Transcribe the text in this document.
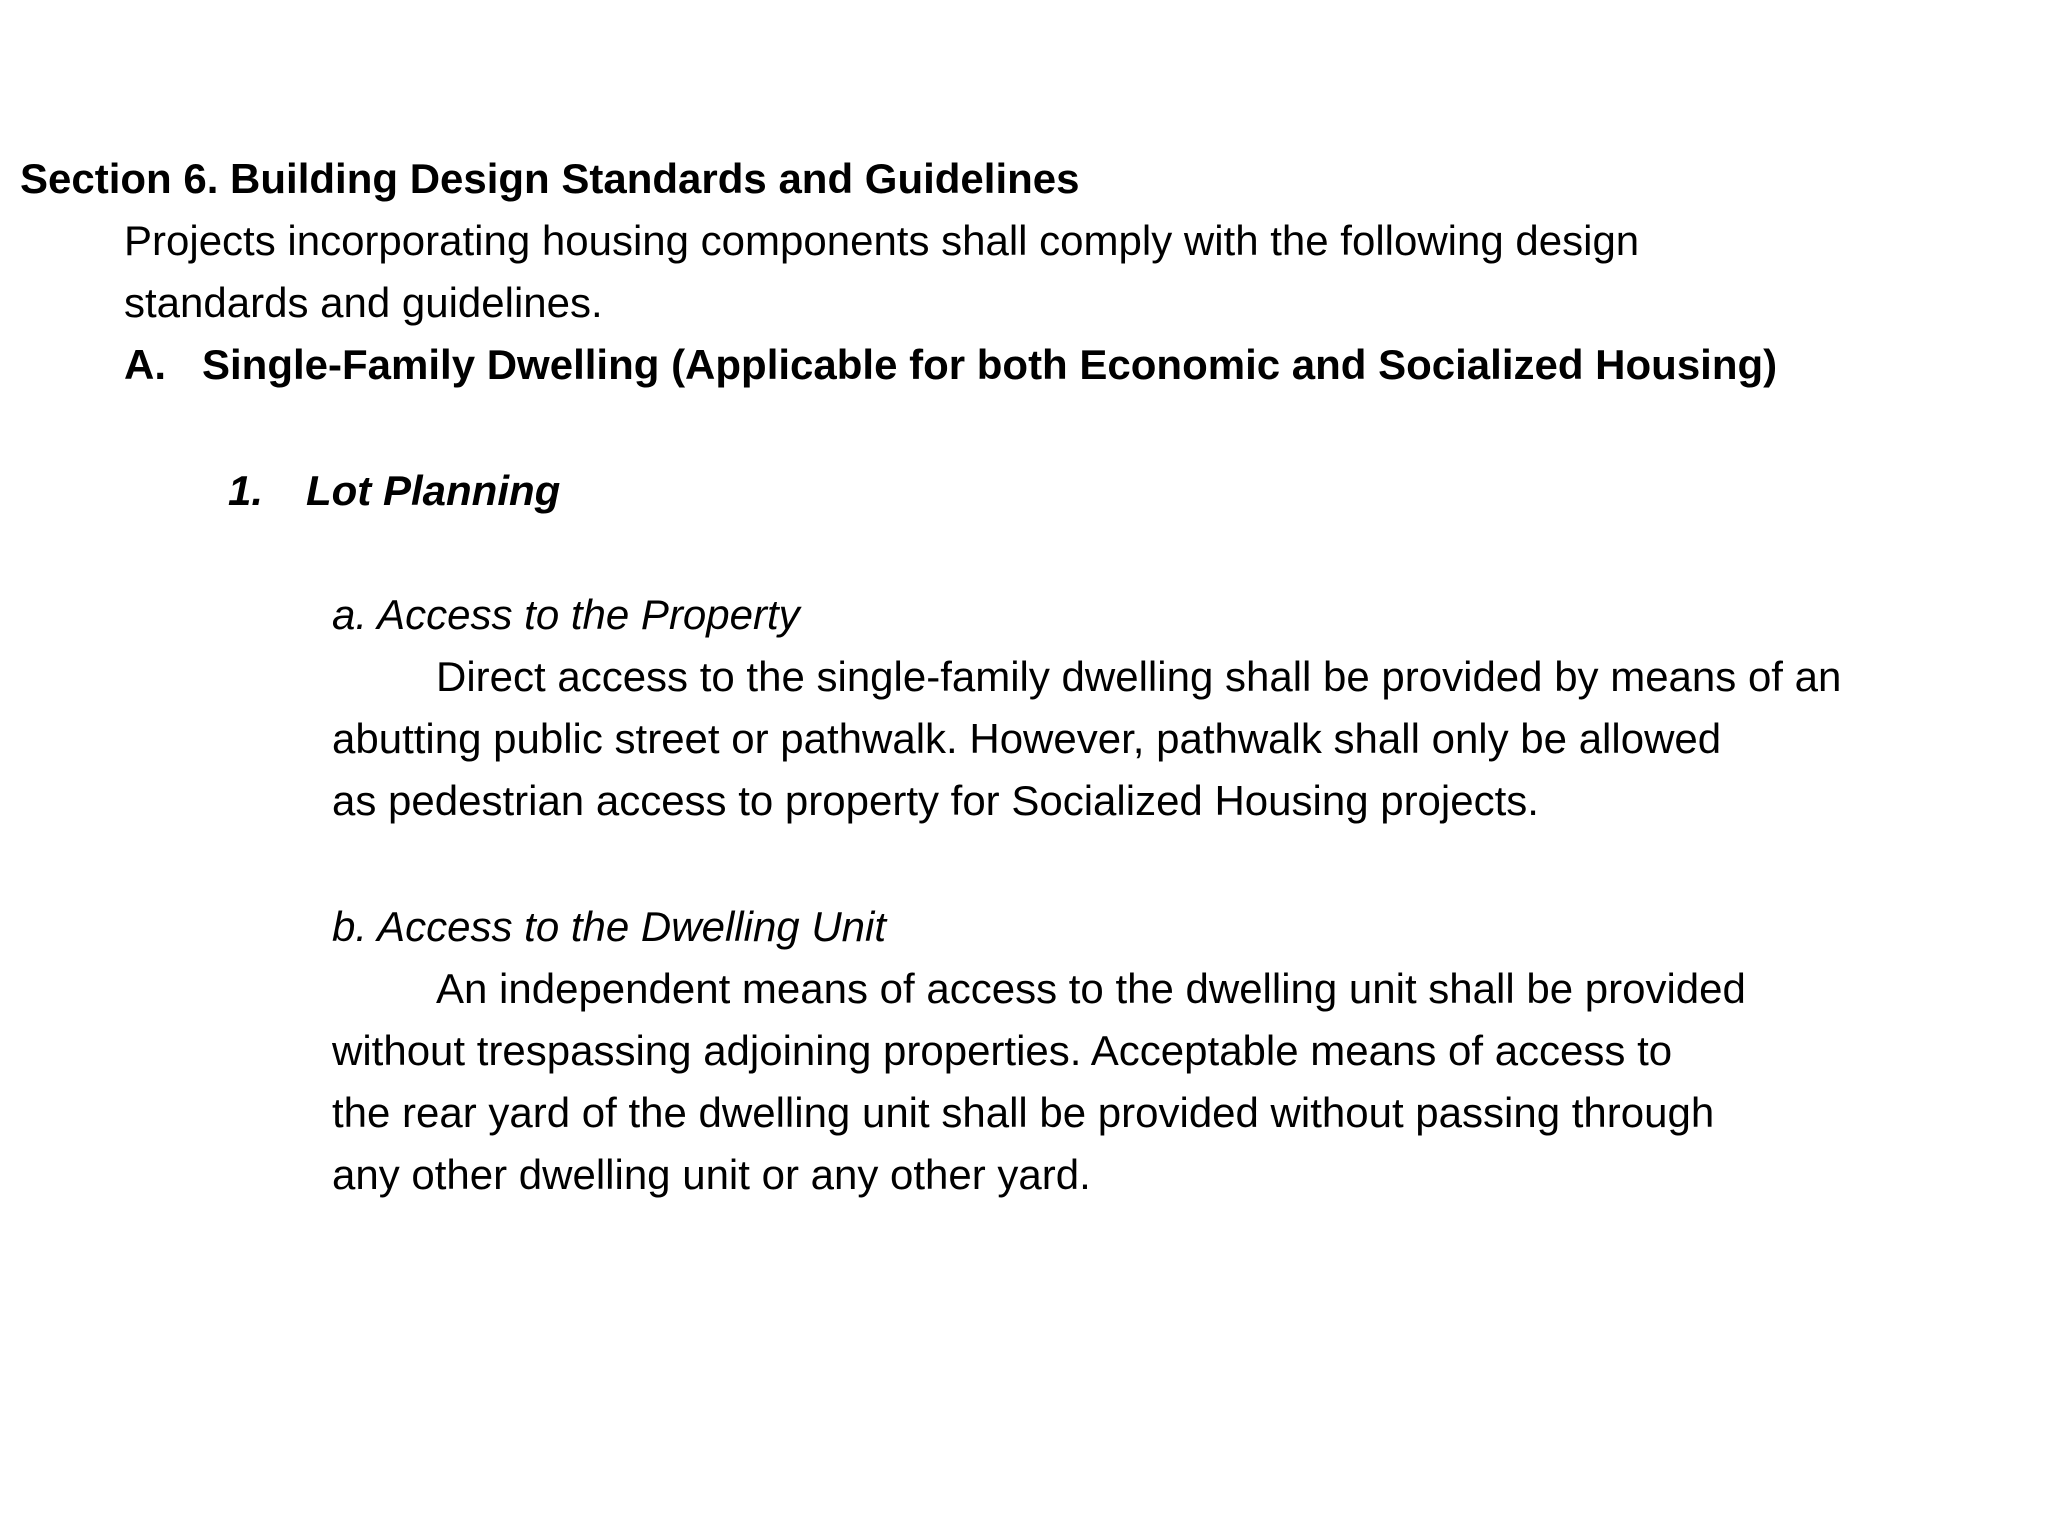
Section 6. Building Design Standards and Guidelines
Projects incorporating housing components shall comply with the following design
standards and guidelines.
A. Single-Family Dwelling (Applicable for both Economic and Socialized Housing)
1. Lot Planning
a. Access to the Property
Direct access to the single-family dwelling shall be provided by means of an
abutting public street or pathwalk. However, pathwalk shall only be allowed
as pedestrian access to property for Socialized Housing projects.
b. Access to the Dwelling Unit
An independent means of access to the dwelling unit shall be provided
without trespassing adjoining properties. Acceptable means of access to
the rear yard of the dwelling unit shall be provided without passing through
any other dwelling unit or any other yard.
